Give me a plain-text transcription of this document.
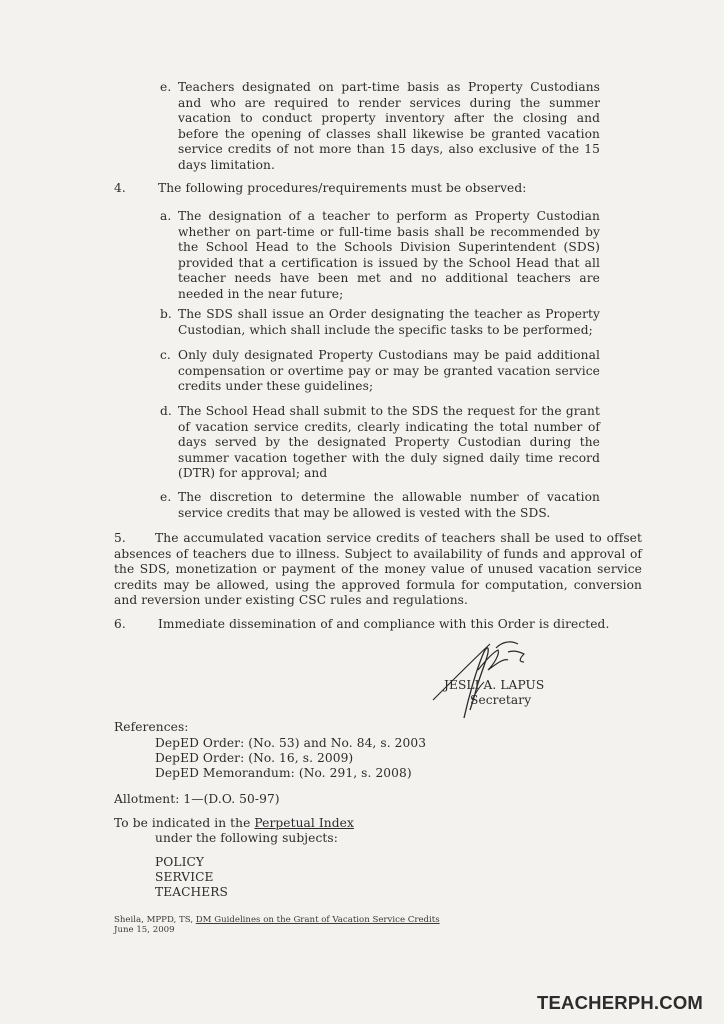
e. Teachers designated on part-time basis as Property Custodians
and who are required to render services during the summer
vacation to conduct property inventory after the closing and
before the opening of classes shall likewise be granted vacation
service credits of not more than 15 days, also exclusive of the 15
days limitation.
4.	The following procedures/requirements must be observed:
a. The designation of a teacher to perform as Property Custodian
whether on part-time or full-time basis shall be recommended by
the School Head to the Schools Division Superintendent (SDS)
provided that a certification is issued by the School Head that all
teacher needs have been met and no additional teachers are
needed in the near future;
b. The SDS shall issue an Order designating the teacher as Property
Custodian, which shall include the specific tasks to be performed;
c. Only duly designated Property Custodians may be paid additional
compensation or overtime pay or may be granted vacation service
credits under these guidelines;
d. The School Head shall submit to the SDS the request for the grant
of vacation service credits, clearly indicating the total number of
days served by the designated Property Custodian during the
summer vacation together with the duly signed daily time record
(DTR) for approval; and
e. The discretion to determine the allowable number of vacation
service credits that may be allowed is vested with the SDS.
5.      The accumulated vacation service credits of teachers shall be used to offset
absences of teachers due to illness. Subject to availability of funds and approval of
the SDS, monetization or payment of the money value of unused vacation service
credits may be allowed, using the approved formula for computation, conversion
and reversion under existing CSC rules and regulations.
6.	Immediate dissemination of and compliance with this Order is directed.
JESLI A. LAPUS
Secretary
References:
DepED Order: (No. 53) and No. 84, s. 2003
DepED Order: (No. 16, s. 2009)
DepED Memorandum: (No. 291, s. 2008)
Allotment: 1—(D.O. 50-97)
To be indicated in the Perpetual Index
under the following subjects:
POLICY
SERVICE
TEACHERS
Sheila, MPPD, TS, DM Guidelines on the Grant of Vacation Service Credits
June 15, 2009
TEACHERPH.COM
